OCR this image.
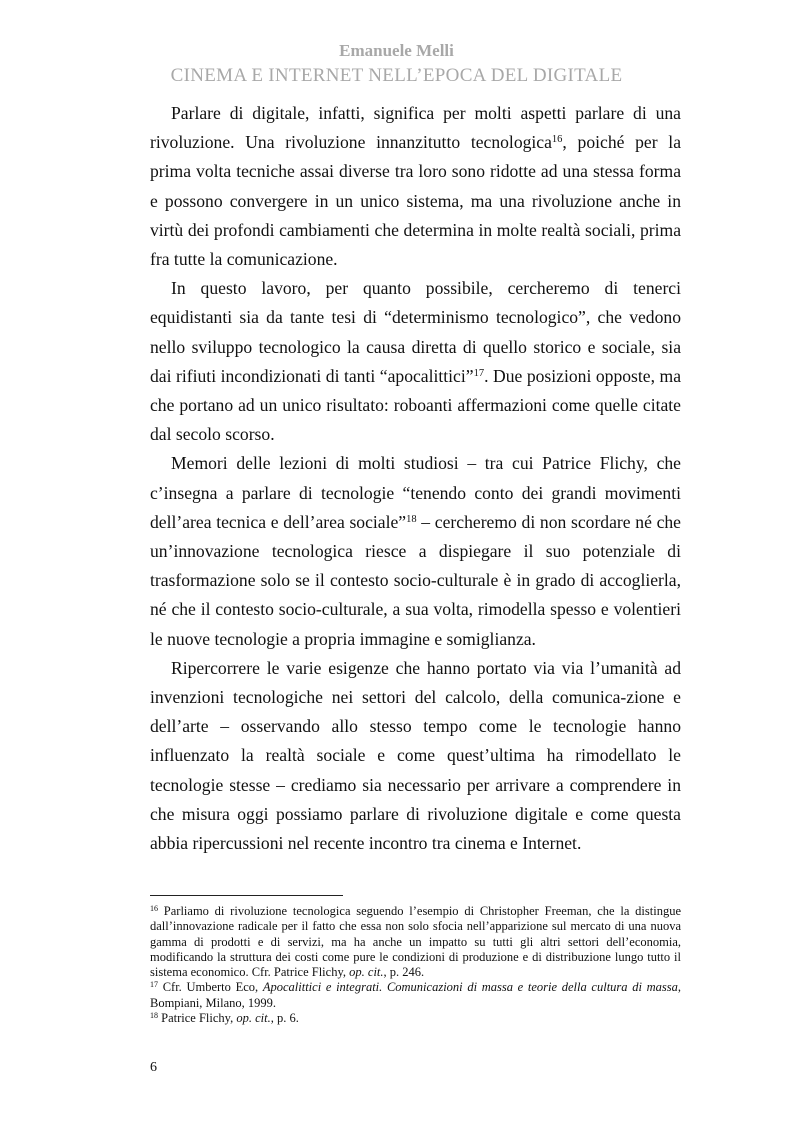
Emanuele Melli
CINEMA E INTERNET NELL’EPOCA DEL DIGITALE

Parlare di digitale, infatti, significa per molti aspetti parlare di una rivoluzione. Una rivoluzione innanzitutto tecnologica$^{16}$, poiché per la prima volta tecniche assai diverse tra loro sono ridotte ad una stessa forma e possono convergere in un unico sistema, ma una rivoluzione anche in virtù dei profondi cambiamenti che determina in molte realtà sociali, prima fra tutte la comunicazione.

In questo lavoro, per quanto possibile, cercheremo di tenerci equidistanti sia da tante tesi di “determinismo tecnologico”, che vedono nello sviluppo tecnologico la causa diretta di quello storico e sociale, sia dai rifiuti incondizionati di tanti “apocalittici”$^{17}$. Due posizioni opposte, ma che portano ad un unico risultato: roboanti affermazioni come quelle citate dal secolo scorso.

Memori delle lezioni di molti studiosi – tra cui Patrice Flichy, che c’insegna a parlare di tecnologie “tenendo conto dei grandi movimenti dell’area tecnica e dell’area sociale”$^{18}$ – cercheremo di non scordare né che un’innovazione tecnologica riesce a dispiegare il suo potenziale di trasformazione solo se il contesto socio-culturale è in grado di accoglierla, né che il contesto socio-culturale, a sua volta, rimodella spesso e volentieri le nuove tecnologie a propria immagine e somiglianza.

Ripercorrere le varie esigenze che hanno portato via via l’umanità ad invenzioni tecnologiche nei settori del calcolo, della comunica-zione e dell’arte – osservando allo stesso tempo come le tecnologie hanno influenzato la realtà sociale e come quest’ultima ha rimodellato le tecnologie stesse – crediamo sia necessario per arrivare a comprendere in che misura oggi possiamo parlare di rivoluzione digitale e come questa abbia ripercussioni nel recente incontro tra cinema e Internet.

$^{16}$ Parliamo di rivoluzione tecnologica seguendo l’esempio di Christopher Freeman, che la distingue dall’innovazione radicale per il fatto che essa non solo sfocia nell’apparizione sul mercato di una nuova gamma di prodotti e di servizi, ma ha anche un impatto su tutti gli altri settori dell’economia, modificando la struttura dei costi come pure le condizioni di produzione e di distribuzione lungo tutto il sistema economico. Cfr. Patrice Flichy, op. cit., p. 246.

$^{17}$ Cfr. Umberto Eco, Apocalittici e integrati. Comunicazioni di massa e teorie della cultura di massa, Bompiani, Milano, 1999.

$^{18}$ Patrice Flichy, op. cit., p. 6.

6
